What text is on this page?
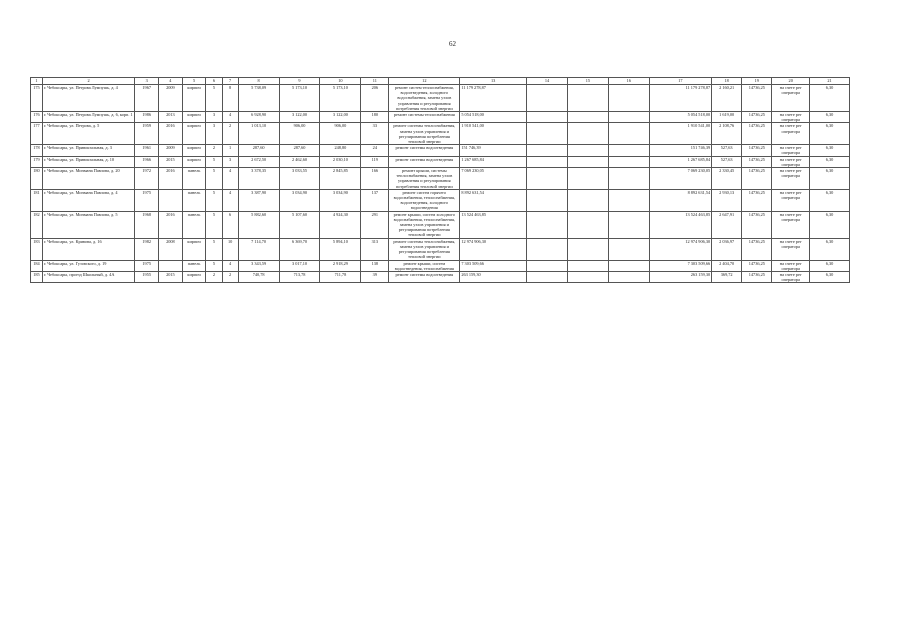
62
1	2	3	4	5	6	7	8	9	10	11	12	13	14	15	16	17	18	19	20	21
175	г. Чебоксары, ул. Петрова Лумпушь, д. 4	1967	2009	кирпич	5	8	5 738,09	5 173,10	5 173,10	206	ремонт систем теплоснабжения, водоотведения, холодного водоснабжения, замена узлов управления и регулирования потребления тепловой энергии	11 179 278,87				11 179 278,87	2 160,21	14736,25	на счете рег оператора	6,30
176	г. Чебоксары, ул. Петрова Лумпушь, д. 6, корп. 1	1986	2013	кирпич	3	4	6 928,90	3 122,00	3 122,00	180	ремонт системы теплоснабжения	5 054 518,00				5 054 518,00	1 619,00	14736,25	на счете рег оператора	6,30
177	г. Чебоксары, ул. Петрова, д. 5	1959	2016	кирпич	3	2	1 013,10	906,00	906,00	33	ремонт системы теплоснабжения, замена узлов управления и регулирования потребления тепловой энергии	1 910 541,00				1 910 541,00	2 108,76	14736,25	на счете рег оператора	6,30
178	г. Чебоксары, ул. Привокзальная, д. 3	1961	2009	кирпич	2	1	287,60	287,60	248,80	24	ремонт системы водоотведения	151 746,39				151 746,39	527,63	14736,25	на счете рег оператора	6,30
179	г. Чебоксары, ул. Привокзальная, д. 10	1966	2015	кирпич	5	3	2 672,50	2 462,60	2 030,10	119	ремонт системы водоотведения	1 267 685,84				1 267 685,84	527,63	14736,25	на счете рег оператора	6,30
180	г. Чебоксары, ул. Мичмана Павлова, д. 20	1972	2016	панель	5	4	3 378,35	3 033,55	2 845,85	166	ремонт крыши, системы теплоснабжения, замена узлов управления и регулирования потребления тепловой энергии	7 069 230,05				7 069 230,05	2 330,45	14736,25	на счете рег оператора	6,30
181	г. Чебоксары, ул. Мичмана Павлова, д. 4	1975		панель	5	4	3 387,90	3 034,90	3 034,90	137	ремонт систем горячего водоснабжения, теплоснабжения, водоотведения, холодного водоотведения	8 892 631,54				8 892 631,54	2 930,13	14736,25	на счете рег оператора	6,30
182	г. Чебоксары, ул. Мичмана Павлова, д. 5	1968	2016	панель	5	6	5 882,60	5 107,60	4 924,30	291	ремонт крыши, систем холодного водоснабжения, теплоснабжения, замена узлов управления и регулирования потребления тепловой энергии	13 524 463,85				13 524 463,85	2 647,91	14736,25	на счете рег оператора	6,30
183	г. Чебоксары, ул. Кривова, д. 16	1982	2008	кирпич	5	10	7 114,70	6 369,70	5 894,10	313	ремонт системы теплоснабжения, замена узлов управления и регулирования потребления тепловой энергии	12 974 906,30				12 974 906,30	2 036,97	14736,25	на счете рег оператора	6,30
184	г. Чебоксары, ул. Гузовского, д. 19	1975		панель	5	4	3 343,59	3 017,10	2 918,29	138	ремонт крыши, систем водоотведения, теплоснабжения	7 303 509,66				7 303 509,66	2 404,70	14736,25	на счете рег оператора	6,30
185	г. Чебоксары, проезд Школьный, д. 4А	1955	2015	кирпич	2	2	740,78	713,78	711,78	39	ремонт системы водоотведения	263 159,30				263 159,30	369,72	14736,25	на счете рег оператора	6,30
